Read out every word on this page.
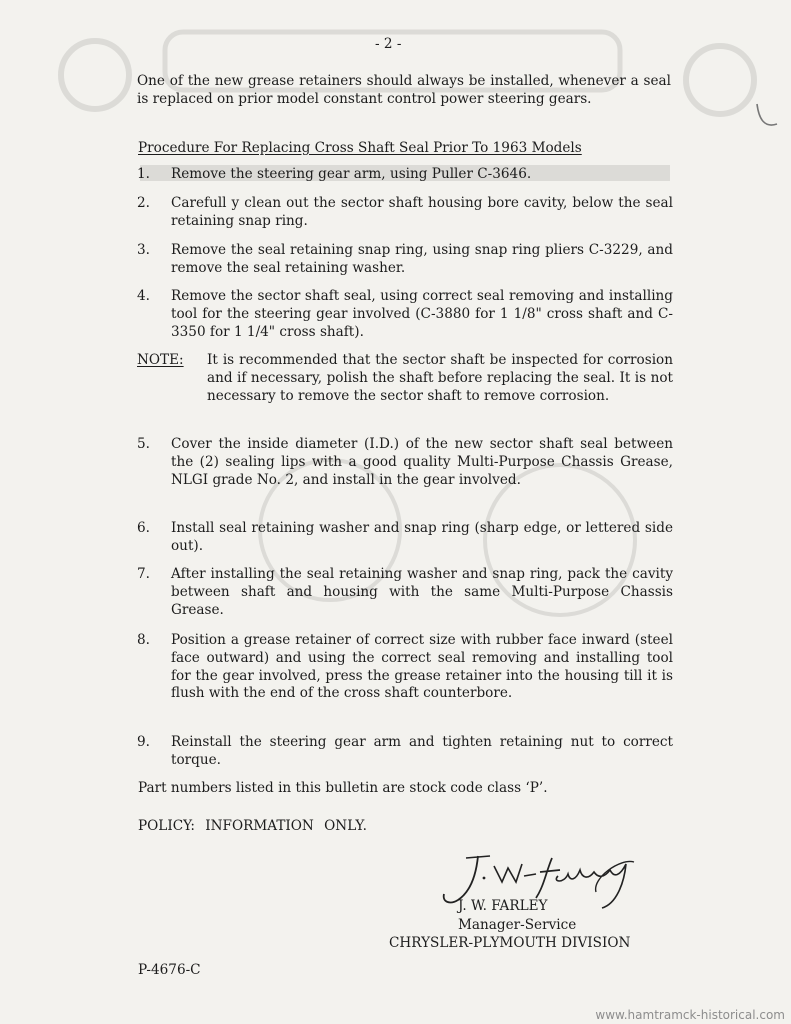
- 2 -
One of the new grease retainers should always be installed, whenever a seal is replaced on prior model constant control power steering gears.
Procedure For Replacing Cross Shaft Seal Prior To 1963 Models
1. Remove the steering gear arm, using Puller C-3646.
2. Carefull y clean out the sector shaft housing bore cavity, below the seal retaining snap ring.
3. Remove the seal retaining snap ring, using snap ring pliers C-3229, and remove the seal retaining washer.
4. Remove the sector shaft seal, using correct seal removing and installing tool for the steering gear involved (C-3880 for 1 1/8" cross shaft and C-3350 for 1 1/4" cross shaft).
NOTE: It is recommended that the sector shaft be inspected for corrosion and if necessary, polish the shaft before replacing the seal. It is not necessary to remove the sector shaft to remove corrosion.
5. Cover the inside diameter (I.D.) of the new sector shaft seal between the (2) sealing lips with a good quality Multi-Purpose Chassis Grease, NLGI grade No. 2, and install in the gear involved.
6. Install seal retaining washer and snap ring (sharp edge, or lettered side out).
7. After installing the seal retaining washer and snap ring, pack the cavity between shaft and housing with the same Multi-Purpose Chassis Grease.
8. Position a grease retainer of correct size with rubber face inward (steel face outward) and using the correct seal removing and installing tool for the gear involved, press the grease retainer into the housing till it is flush with the end of the cross shaft counterbore.
9. Reinstall the steering gear arm and tighten retaining nut to correct torque.
Part numbers listed in this bulletin are stock code class ‘P’.
POLICY: INFORMATION ONLY.
J. W. FARLEY
Manager-Service
CHRYSLER-PLYMOUTH DIVISION
P-4676-C
www.hamtramck-historical.com
